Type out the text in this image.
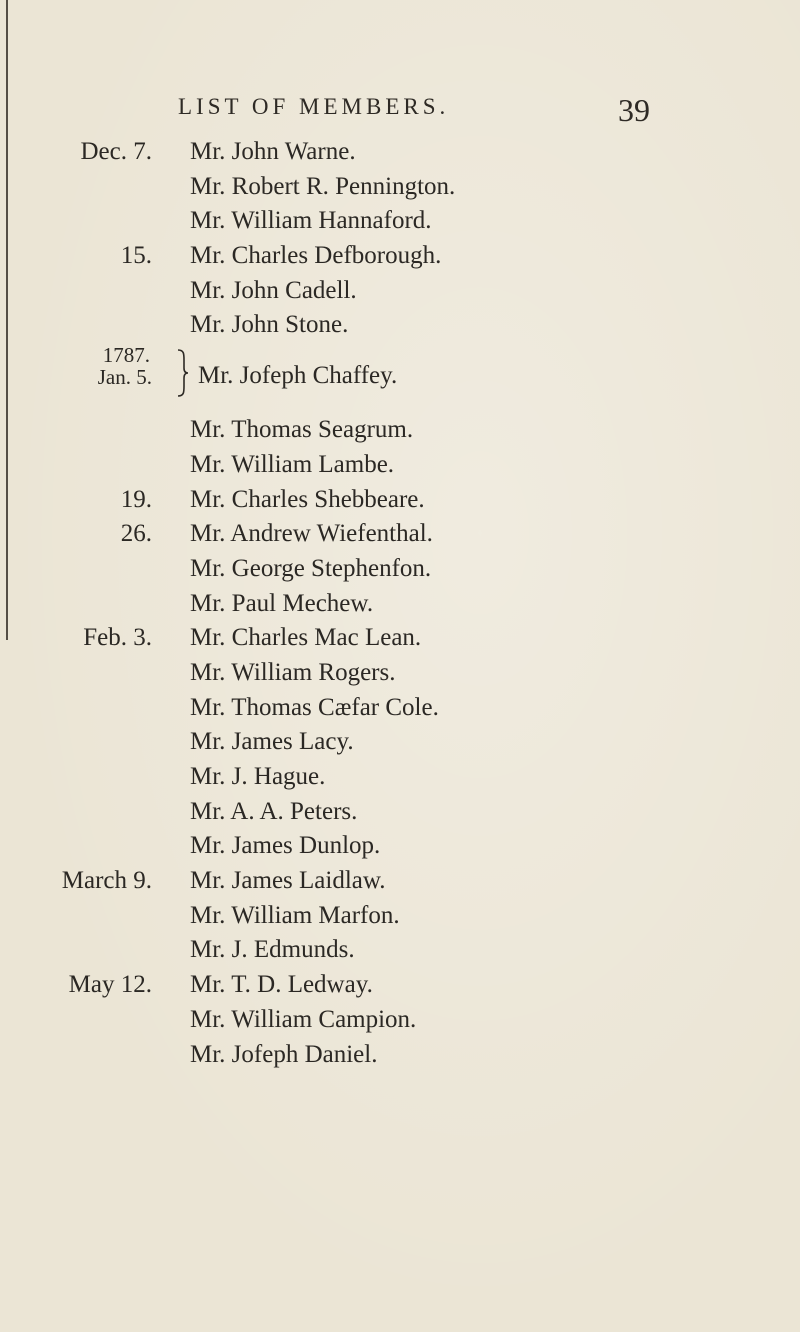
LIST OF MEMBERS.	39
Dec. 7. Mr. John Warne.
Mr. Robert R. Pennington.
Mr. William Hannaford.
15. Mr. Charles Defborough.
Mr. John Cadell.
Mr. John Stone.
1787.
Jan. 5. Mr. Jofeph Chaffey.
Mr. Thomas Seagrum.
Mr. William Lambe.
19. Mr. Charles Shebbeare.
26. Mr. Andrew Wiefenthal.
Mr. George Stephenfon.
Mr. Paul Mechew.
Feb. 3. Mr. Charles Mac Lean.
Mr. William Rogers.
Mr. Thomas Cæfar Cole.
Mr. James Lacy.
Mr. J. Hague.
Mr. A. A. Peters.
Mr. James Dunlop.
March 9. Mr. James Laidlaw.
Mr. William Marfon.
Mr. J. Edmunds.
May 12. Mr. T. D. Ledway.
Mr. William Campion.
Mr. Jofeph Daniel.
